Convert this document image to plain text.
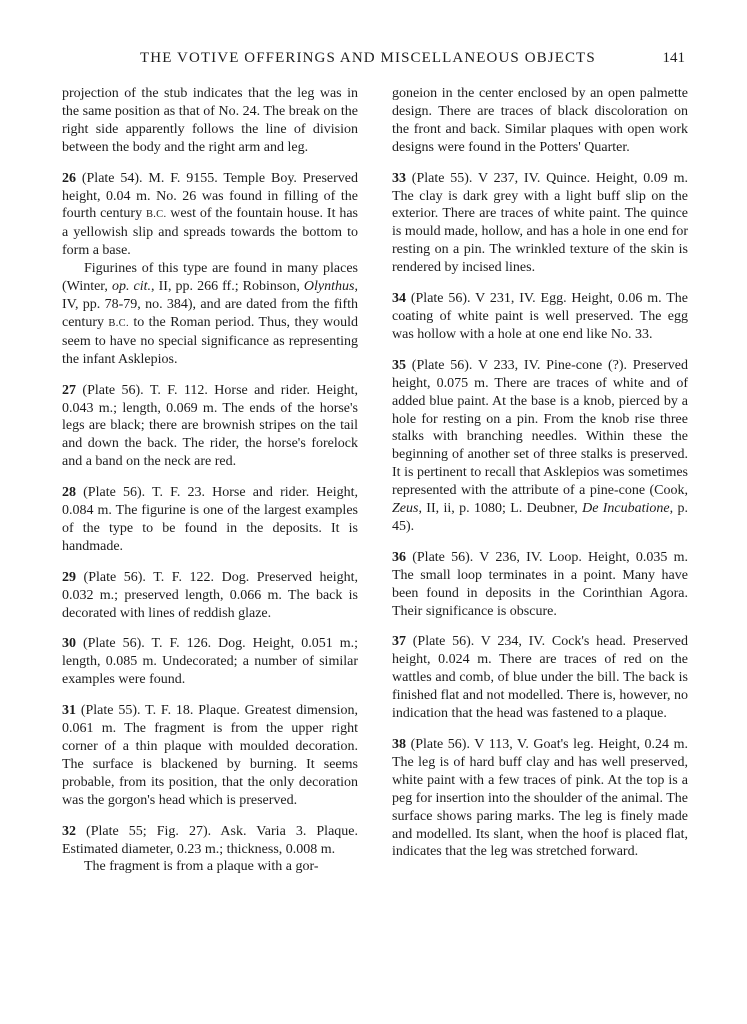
THE VOTIVE OFFERINGS AND MISCELLANEOUS OBJECTS	141

projection of the stub indicates that the leg was in the same position as that of No. 24. The break on the right side apparently follows the line of division between the body and the right arm and leg.

26 (Plate 54). M. F. 9155. Temple Boy. Preserved height, 0.04 m. No. 26 was found in filling of the fourth century B.C. west of the fountain house. It has a yellowish slip and spreads towards the bottom to form a base.

Figurines of this type are found in many places (Winter, op. cit., II, pp. 266 ff.; Robinson, Olynthus, IV, pp. 78-79, no. 384), and are dated from the fifth century B.C. to the Roman period. Thus, they would seem to have no special significance as representing the infant Asklepios.

27 (Plate 56). T. F. 112. Horse and rider. Height, 0.043 m.; length, 0.069 m. The ends of the horse's legs are black; there are brownish stripes on the tail and down the back. The rider, the horse's forelock and a band on the neck are red.

28 (Plate 56). T. F. 23. Horse and rider. Height, 0.084 m. The figurine is one of the largest examples of the type to be found in the deposits. It is handmade.

29 (Plate 56). T. F. 122. Dog. Preserved height, 0.032 m.; preserved length, 0.066 m. The back is decorated with lines of reddish glaze.

30 (Plate 56). T. F. 126. Dog. Height, 0.051 m.; length, 0.085 m. Undecorated; a number of similar examples were found.

31 (Plate 55). T. F. 18. Plaque. Greatest dimension, 0.061 m. The fragment is from the upper right corner of a thin plaque with moulded decoration. The surface is blackened by burning. It seems probable, from its position, that the only decoration was the gorgon's head which is preserved.

32 (Plate 55; Fig. 27). Ask. Varia 3. Plaque. Estimated diameter, 0.23 m.; thickness, 0.008 m.

The fragment is from a plaque with a gor-

goneion in the center enclosed by an open palmette design. There are traces of black discoloration on the front and back. Similar plaques with open work designs were found in the Potters' Quarter.

33 (Plate 55). V 237, IV. Quince. Height, 0.09 m. The clay is dark grey with a light buff slip on the exterior. There are traces of white paint. The quince is mould made, hollow, and has a hole in one end for resting on a pin. The wrinkled texture of the skin is rendered by incised lines.

34 (Plate 56). V 231, IV. Egg. Height, 0.06 m. The coating of white paint is well preserved. The egg was hollow with a hole at one end like No. 33.

35 (Plate 56). V 233, IV. Pine-cone (?). Preserved height, 0.075 m. There are traces of white and of added blue paint. At the base is a knob, pierced by a hole for resting on a pin. From the knob rise three stalks with branching needles. Within these the beginning of another set of three stalks is preserved. It is pertinent to recall that Asklepios was sometimes represented with the attribute of a pine-cone (Cook, Zeus, II, ii, p. 1080; L. Deubner, De Incubatione, p. 45).

36 (Plate 56). V 236, IV. Loop. Height, 0.035 m. The small loop terminates in a point. Many have been found in deposits in the Corinthian Agora. Their significance is obscure.

37 (Plate 56). V 234, IV. Cock's head. Preserved height, 0.024 m. There are traces of red on the wattles and comb, of blue under the bill. The back is finished flat and not modelled. There is, however, no indication that the head was fastened to a plaque.

38 (Plate 56). V 113, V. Goat's leg. Height, 0.24 m. The leg is of hard buff clay and has well preserved, white paint with a few traces of pink. At the top is a peg for insertion into the shoulder of the animal. The surface shows paring marks. The leg is finely made and modelled. Its slant, when the hoof is placed flat, indicates that the leg was stretched forward.
